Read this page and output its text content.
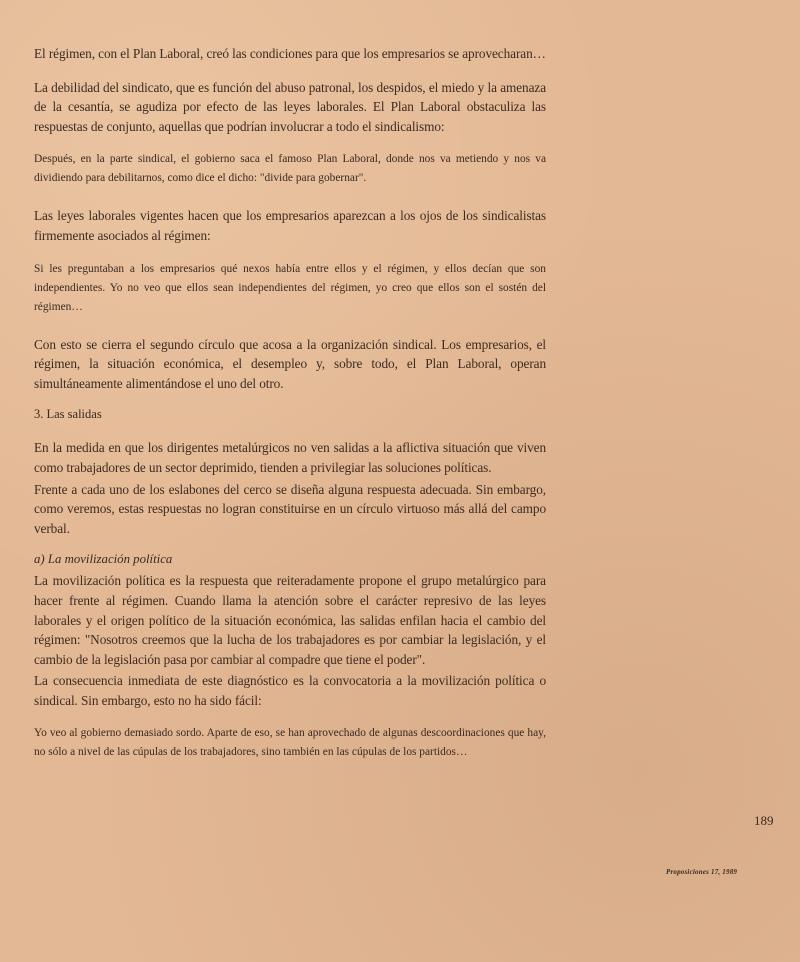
El régimen, con el Plan Laboral, creó las condiciones para que los empresarios se aprovecharan…

La debilidad del sindicato, que es función del abuso patronal, los despidos, el miedo y la amenaza de la cesantía, se agudiza por efecto de las leyes laborales. El Plan Laboral obstaculiza las respuestas de conjunto, aquellas que podrían involucrar a todo el sindicalismo:

Después, en la parte sindical, el gobierno saca el famoso Plan Laboral, donde nos va metiendo y nos va dividiendo para debilitarnos, como dice el dicho: "divide para gobernar".

Las leyes laborales vigentes hacen que los empresarios aparezcan a los ojos de los sindicalistas firmemente asociados al régimen:

Si les preguntaban a los empresarios qué nexos había entre ellos y el régimen, y ellos decían que son independientes. Yo no veo que ellos sean independientes del régimen, yo creo que ellos son el sostén del régimen…

Con esto se cierra el segundo círculo que acosa a la organización sindical. Los empresarios, el régimen, la situación económica, el desempleo y, sobre todo, el Plan Laboral, operan simultáneamente alimentándose el uno del otro.

3. Las salidas

En la medida en que los dirigentes metalúrgicos no ven salidas a la aflictiva situación que viven como trabajadores de un sector deprimido, tienden a privilegiar las soluciones políticas.

Frente a cada uno de los eslabones del cerco se diseña alguna respuesta adecuada. Sin embargo, como veremos, estas respuestas no logran constituirse en un círculo virtuoso más allá del campo verbal.

a) La movilización política

La movilización política es la respuesta que reiteradamente propone el grupo metalúrgico para hacer frente al régimen. Cuando llama la atención sobre el carácter represivo de las leyes laborales y el origen político de la situación económica, las salidas enfilan hacia el cambio del régimen: "Nosotros creemos que la lucha de los trabajadores es por cambiar la legislación, y el cambio de la legislación pasa por cambiar al compadre que tiene el poder".

La consecuencia inmediata de este diagnóstico es la convocatoria a la movilización política o sindical. Sin embargo, esto no ha sido fácil:

Yo veo al gobierno demasiado sordo. Aparte de eso, se han aprovechado de algunas descoordinaciones que hay, no sólo a nivel de las cúpulas de los trabajadores, sino también en las cúpulas de los partidos…

189
Proposiciones 17, 1989
